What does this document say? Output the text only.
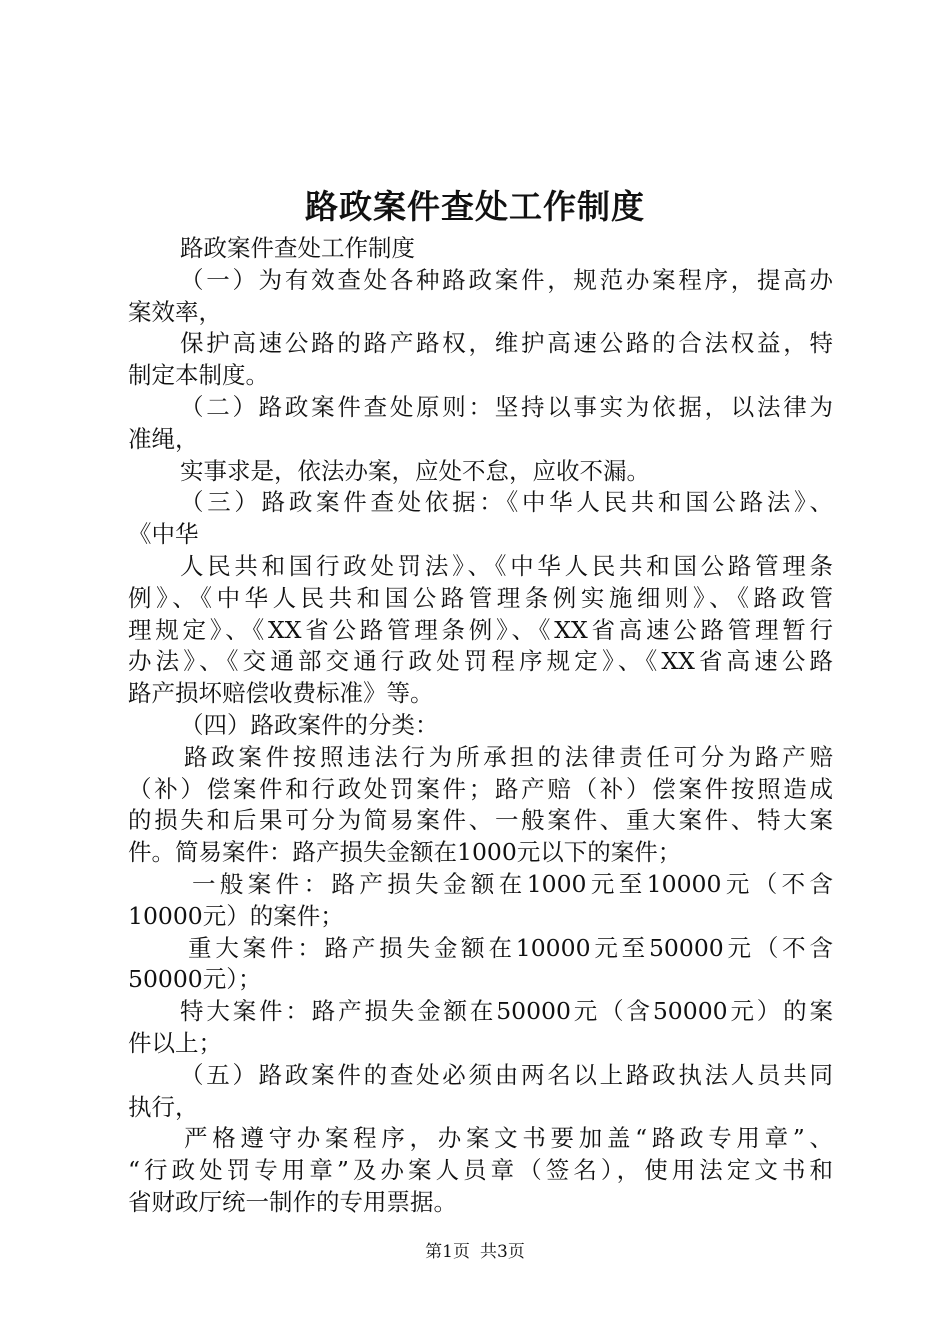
路政案件查处工作制度
路政案件查处工作制度
（一）为有效查处各种路政案件，规范办案程序，提高办
案效率，
保护高速公路的路产路权，维护高速公路的合法权益，特
制定本制度。
（二）路政案件查处原则：坚持以事实为依据，以法律为
准绳，
实事求是，依法办案，应处不怠，应收不漏。
（三）路政案件查处依据：《中华人民共和国公路法》、
《中华
人民共和国行政处罚法》、《中华人民共和国公路管理条
例》、《中华人民共和国公路管理条例实施细则》、《路政管
理规定》、《XX省公路管理条例》、《XX省高速公路管理暂行
办法》、《交通部交通行政处罚程序规定》、《XX省高速公路
路产损坏赔偿收费标准》等。
（四）路政案件的分类：
路政案件按照违法行为所承担的法律责任可分为路产赔
（补）偿案件和行政处罚案件；路产赔（补）偿案件按照造成
的损失和后果可分为简易案件、一般案件、重大案件、特大案
件。简易案件：路产损失金额在1000元以下的案件；
一般案件：路产损失金额在1000元至10000元（不含
10000元）的案件；
重大案件：路产损失金额在10000元至50000元（不含
50000元）；
特大案件：路产损失金额在50000元（含50000元）的案
件以上；
（五）路政案件的查处必须由两名以上路政执法人员共同
执行，
严格遵守办案程序，办案文书要加盖“路政专用章”、
“行政处罚专用章”及办案人员章（签名），使用法定文书和
省财政厅统一制作的专用票据。
第1页 共3页
